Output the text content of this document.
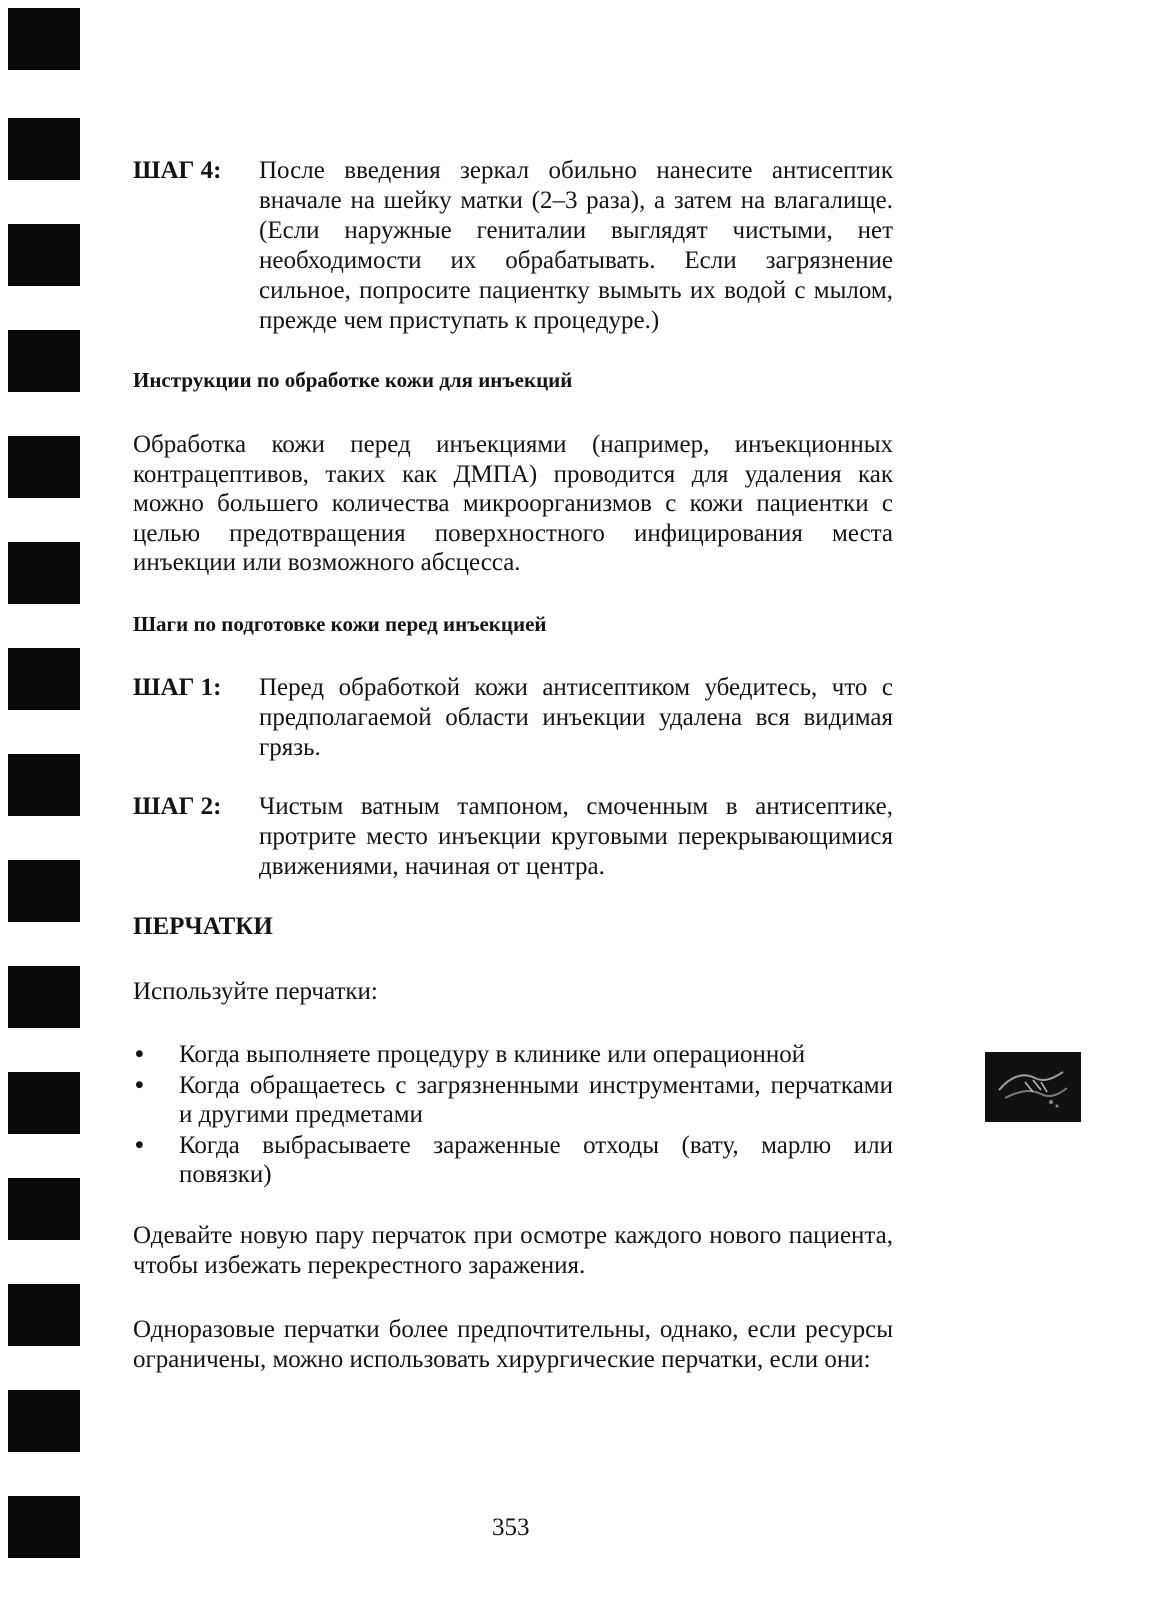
ШАГ 4: После введения зеркал обильно нанесите антисептик вначале на шейку матки (2–3 раза), а затем на влагалище. (Если наружные гениталии выглядят чистыми, нет необходимости их обрабатывать. Если загрязнение сильное, попросите пациентку вымыть их водой с мылом, прежде чем приступать к процедуре.)
Инструкции по обработке кожи для инъекций
Обработка кожи перед инъекциями (например, инъекционных контрацептивов, таких как ДМПА) проводится для удаления как можно большего количества микроорганизмов с кожи пациентки с целью предотвращения поверхностного инфицирования места инъекции или возможного абсцесса.
Шаги по подготовке кожи перед инъекцией
ШАГ 1: Перед обработкой кожи антисептиком убедитесь, что с предполагаемой области инъекции удалена вся видимая грязь.
ШАГ 2: Чистым ватным тампоном, смоченным в антисептике, протрите место инъекции круговыми перекрывающимися движениями, начиная от центра.
ПЕРЧАТКИ
Используйте перчатки:
• Когда выполняете процедуру в клинике или операционной
• Когда обращаетесь с загрязненными инструментами, перчатками и другими предметами
• Когда выбрасываете зараженные отходы (вату, марлю или повязки)
Одевайте новую пару перчаток при осмотре каждого нового пациента, чтобы избежать перекрестного заражения.
Одноразовые перчатки более предпочтительны, однако, если ресурсы ограничены, можно использовать хирургические перчатки, если они:
353
